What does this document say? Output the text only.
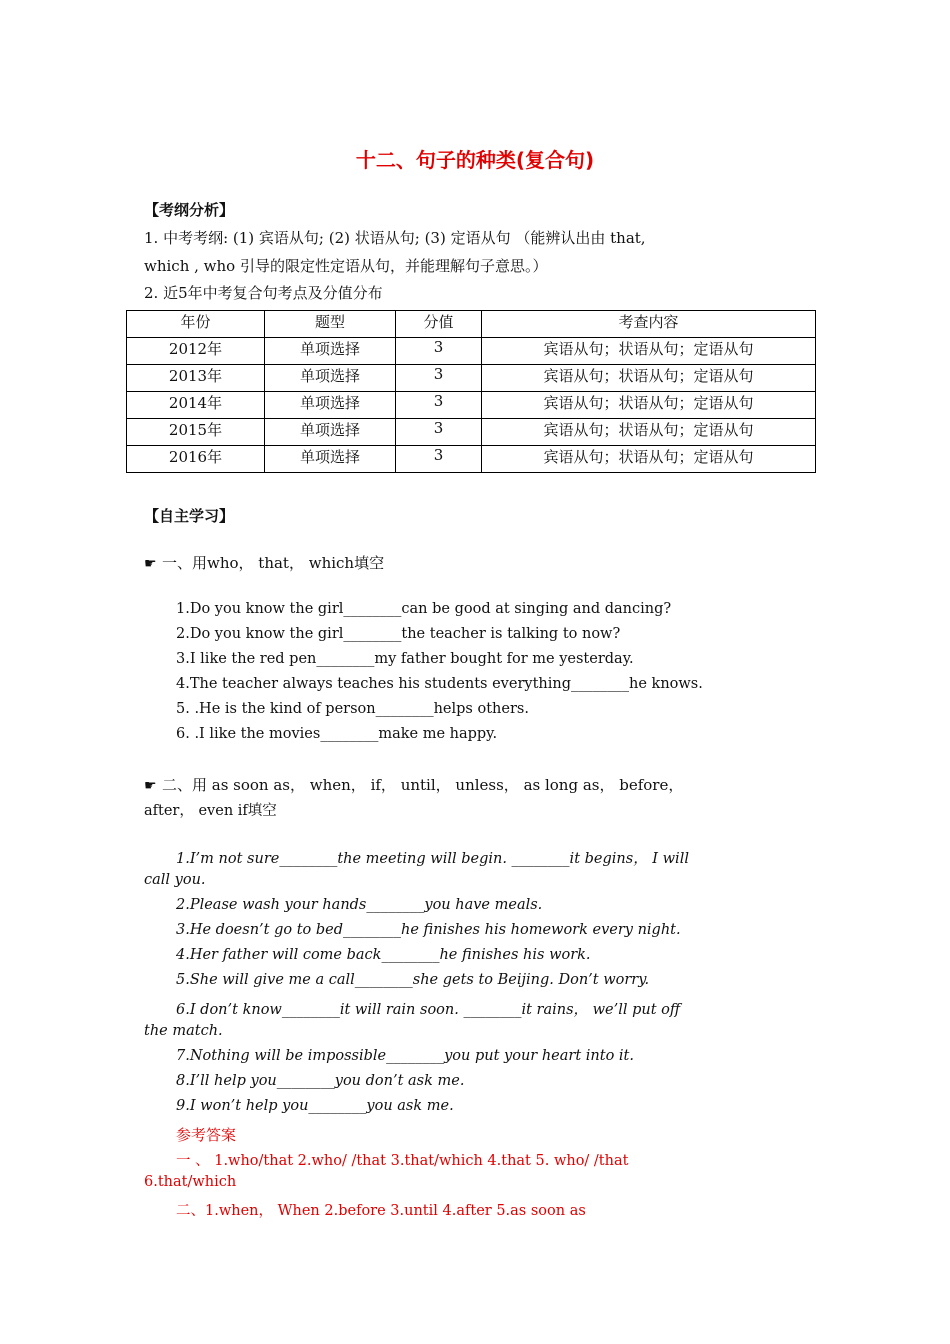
十二、句子的种类(复合句)
【考纲分析】
1. 中考考纲: (1) 宾语从句; (2) 状语从句; (3) 定语从句 （能辨认出由 that,
which , who 引导的限定性定语从句，并能理解句子意思。）
2. 近5年中考复合句考点及分值分布
年份	题型	分值	考查内容
2012年	单项选择	3	宾语从句；状语从句；定语从句
2013年	单项选择	3	宾语从句；状语从句；定语从句
2014年	单项选择	3	宾语从句；状语从句；定语从句
2015年	单项选择	3	宾语从句；状语从句；定语从句
2016年	单项选择	3	宾语从句；状语从句；定语从句
【自主学习】
☛ 一、用who， that， which填空
1.Do you know the girl________can be good at singing and dancing?
2.Do you know the girl________the teacher is talking to now?
3.I like the red pen________my father bought for me yesterday.
4.The teacher always teaches his students everything________he knows.
5. .He is the kind of person________helps others.
6. .I like the movies________make me happy.
☛ 二、用 as soon as， when， if， until， unless， as long as， before，
after， even if填空
1.I’m not sure________the meeting will begin. ________it begins， I will
call you.
2.Please wash your hands________you have meals.
3.He doesn’t go to bed________he finishes his homework every night.
4.Her father will come back________he finishes his work.
5.She will give me a call________she gets to Beijing. Don’t worry.
6.I don’t know________it will rain soon. ________it rains， we’ll put off
the match.
7.Nothing will be impossible________you put your heart into it.
8.I’ll help you________you don’t ask me.
9.I won’t help you________you ask me.
参考答案
一 、 1.who/that 2.who/ /that 3.that/which 4.that 5. who/ /that
6.that/which
二、1.when， When 2.before 3.until 4.after 5.as soon as
